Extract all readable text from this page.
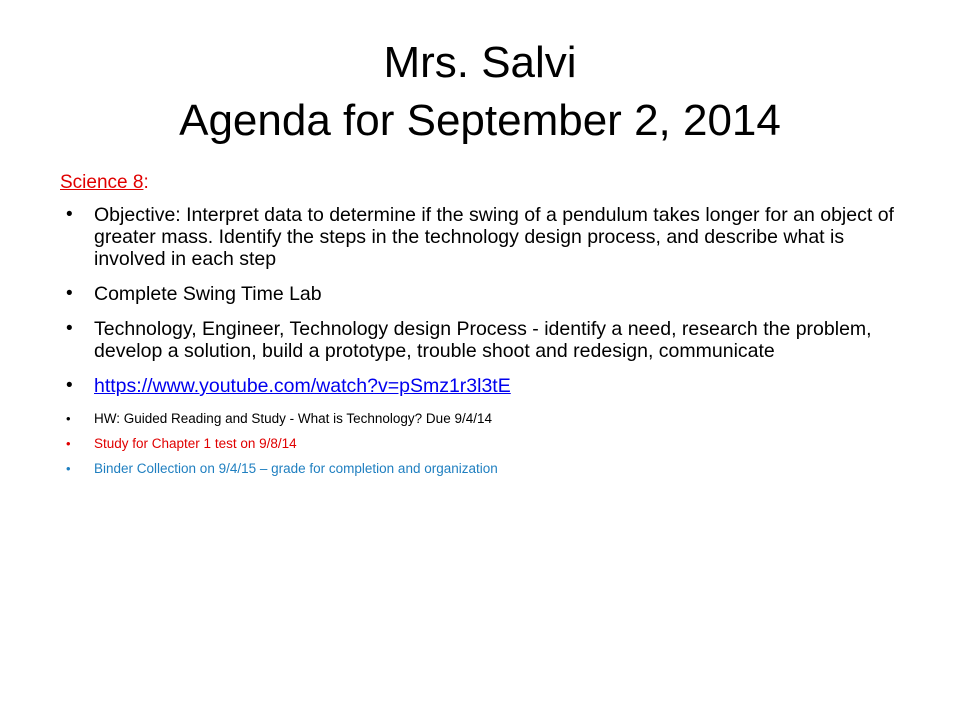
Mrs. Salvi
Agenda for September 2, 2014
Science 8:
• Objective: Interpret data to determine if the swing of a pendulum takes longer for an object of greater mass. Identify the steps in the technology design process, and describe what is involved in each step
• Complete Swing Time Lab
• Technology, Engineer, Technology design Process - identify a need, research the problem, develop a solution, build a prototype, trouble shoot and redesign, communicate
• https://www.youtube.com/watch?v=pSmz1r3l3tE
• HW: Guided Reading and Study - What is Technology? Due 9/4/14
• Study for Chapter 1 test on 9/8/14
• Binder Collection on 9/4/15 – grade for completion and organization
